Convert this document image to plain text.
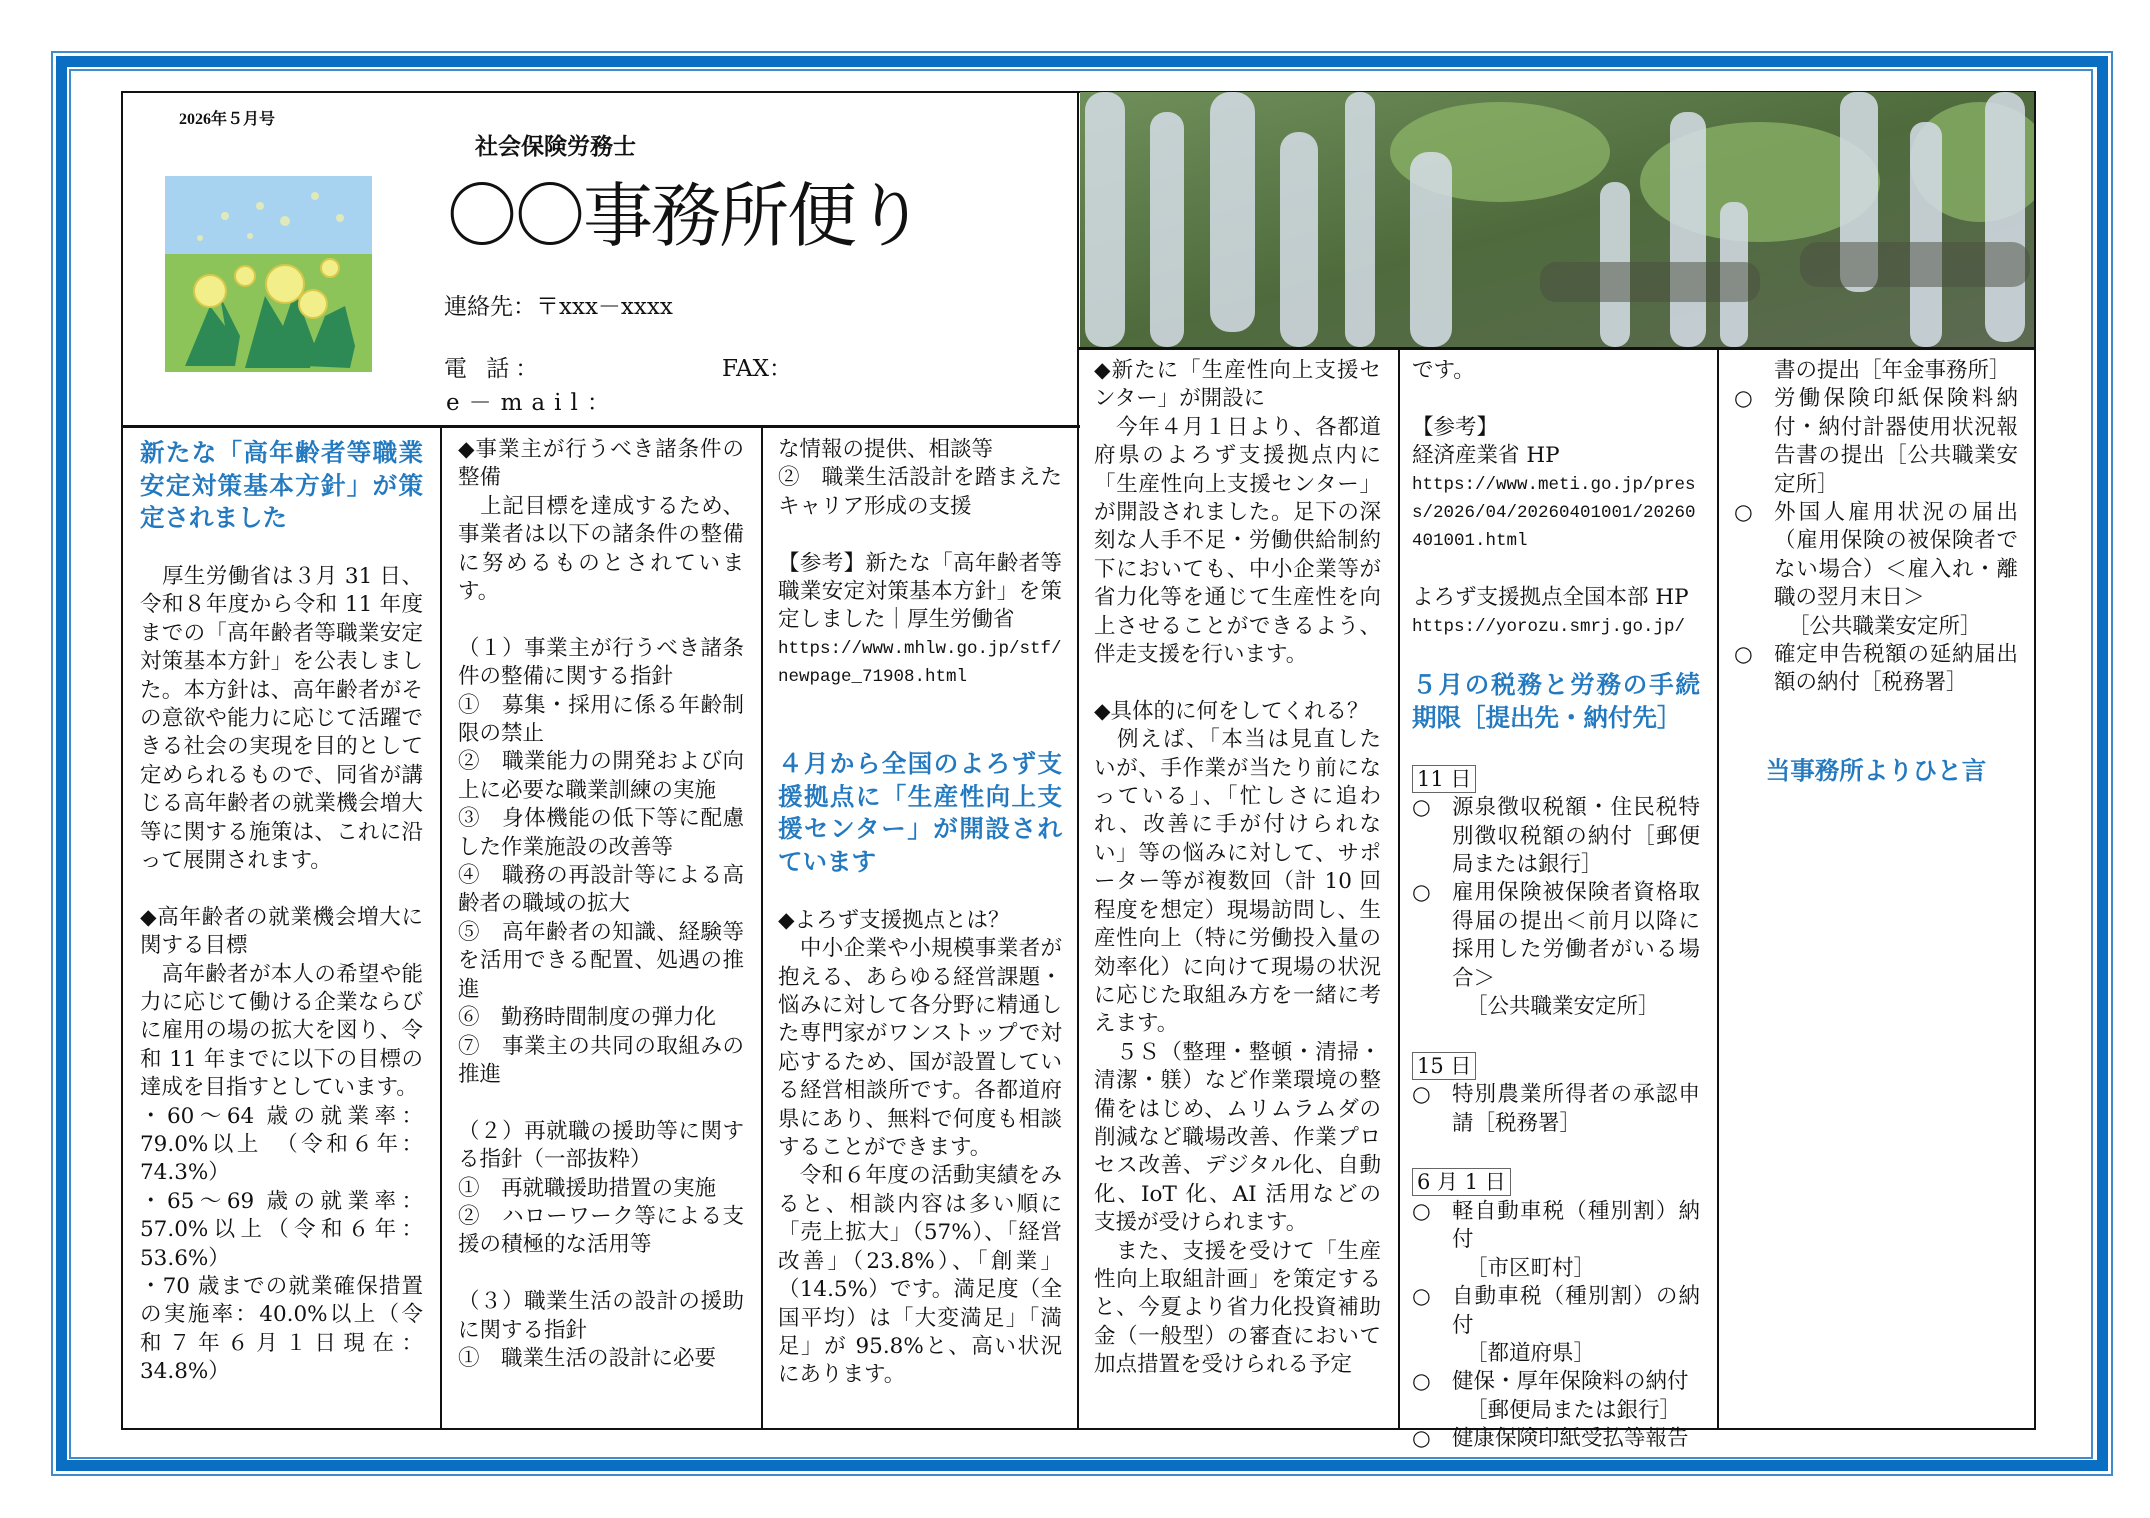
2026年５月号
社会保険労務士
〇〇事務所便り
連絡先：〒xxx－xxxx
電 話：	FAX：
e－mail：
新たな「高年齢者等職業安定対策基本方針」が策定されました
　厚生労働省は３月 31 日、令和８年度から令和 11 年度までの「高年齢者等職業安定対策基本方針」を公表しました。本方針は、高年齢者がその意欲や能力に応じて活躍できる社会の実現を目的として定められるもので、同省が講じる高年齢者の就業機会増大等に関する施策は、これに沿って展開されます。
◆高年齢者の就業機会増大に関する目標
　高年齢者が本人の希望や能力に応じて働ける企業ならびに雇用の場の拡大を図り、令和 11 年までに以下の目標の達成を目指すとしています。
・60～64 歳の就業率：79.0%以上　（令和６年：74.3%）
・65～69 歳の就業率：57.0%以上（令和６年：53.6%）
・70 歳までの就業確保措置の実施率：40.0%以上（令和７年６月１日現在：34.8%）
◆事業主が行うべき諸条件の整備
　上記目標を達成するため、事業者は以下の諸条件の整備に努めるものとされています。
（１）事業主が行うべき諸条件の整備に関する指針
①　募集・採用に係る年齢制限の禁止
②　職業能力の開発および向上に必要な職業訓練の実施
③　身体機能の低下等に配慮した作業施設の改善等
④　職務の再設計等による高齢者の職域の拡大
⑤　高年齢者の知識、経験等を活用できる配置、処遇の推進
⑥　勤務時間制度の弾力化
⑦　事業主の共同の取組みの推進
（２）再就職の援助等に関する指針（一部抜粋）
①　再就職援助措置の実施
②　ハローワーク等による支援の積極的な活用等
（３）職業生活の設計の援助に関する指針
①　職業生活の設計に必要
な情報の提供、相談等
②　職業生活設計を踏まえたキャリア形成の支援
【参考】新たな「高年齢者等職業安定対策基本方針」を策定しました｜厚生労働省
https://www.mhlw.go.jp/stf/newpage_71908.html
４月から全国のよろず支援拠点に「生産性向上支援センター」が開設されています
◆よろず支援拠点とは？
　中小企業や小規模事業者が抱える、あらゆる経営課題・悩みに対して各分野に精通した専門家がワンストップで対応するため、国が設置している経営相談所です。各都道府県にあり、無料で何度も相談することができます。
　令和６年度の活動実績をみると、相談内容は多い順に「売上拡大」（57%）、「経営改善」（23.8%）、「創業」（14.5%）です。満足度（全国平均）は「大変満足」「満足」が 95.8%と、高い状況にあります。
◆新たに「生産性向上支援センター」が開設に
　今年４月１日より、各都道府県のよろず支援拠点内に「生産性向上支援センター」が開設されました。足下の深刻な人手不足・労働供給制約下においても、中小企業等が省力化等を通じて生産性を向上させることができるよう、伴走支援を行います。
◆具体的に何をしてくれる？
　例えば、「本当は見直したいが、手作業が当たり前になっている」、「忙しさに追われ、改善に手が付けられない」等の悩みに対して、サポーター等が複数回（計 10 回程度を想定）現場訪問し、生産性向上（特に労働投入量の効率化）に向けて現場の状況に応じた取組み方を一緒に考えます。
　５Ｓ（整理・整頓・清掃・清潔・躾）など作業環境の整備をはじめ、ムリムラムダの削減など職場改善、作業プロセス改善、デジタル化、自動化、IoT 化、AI 活用などの支援が受けられます。
　また、支援を受けて「生産性向上取組計画」を策定すると、今夏より省力化投資補助金（一般型）の審査において加点措置を受けられる予定
です。
【参考】
経済産業省 HP
https://www.meti.go.jp/press/2026/04/20260401001/20260401001.html
よろず支援拠点全国本部 HP
https://yorozu.smrj.go.jp/
５月の税務と労務の手続期限［提出先・納付先］
11 日
○ 源泉徴収税額・住民税特別徴収税額の納付［郵便局または銀行］
○ 雇用保険被保険者資格取得届の提出＜前月以降に採用した労働者がいる場合＞
［公共職業安定所］
15 日
○ 特別農業所得者の承認申請［税務署］
6 月 1 日
○ 軽自動車税（種別割）納付
［市区町村］
○ 自動車税（種別割）の納付
［都道府県］
○ 健保・厚年保険料の納付
［郵便局または銀行］
○ 健康保険印紙受払等報告
書の提出［年金事務所］
○ 労働保険印紙保険料納付・納付計器使用状況報告書の提出［公共職業安定所］
○ 外国人雇用状況の届出（雇用保険の被保険者でない場合）＜雇入れ・離職の翌月末日＞
［公共職業安定所］
○ 確定申告税額の延納届出額の納付［税務署］
当事務所よりひと言
